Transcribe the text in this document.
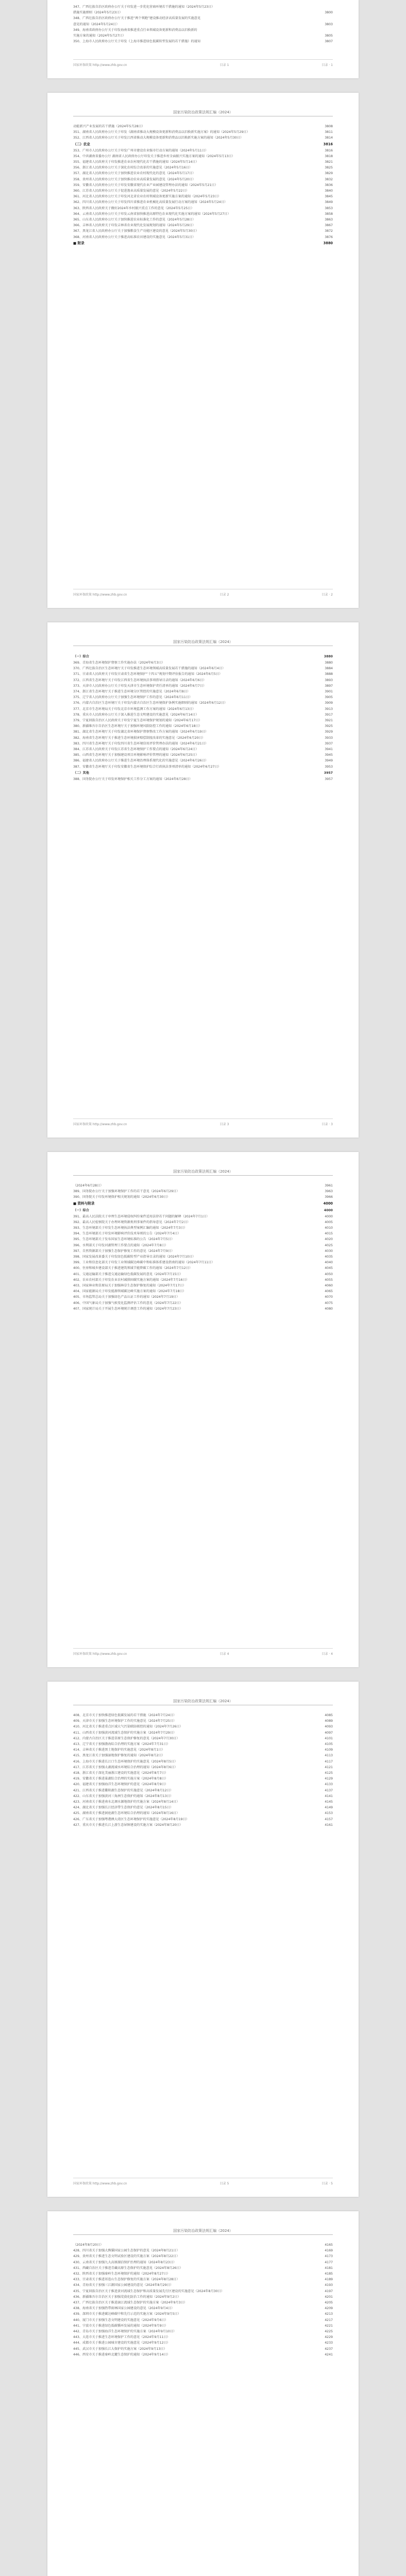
347、广西壮族自治区政府办公厅关于印发进一步优化营商环境若干措施的通知（2024年5月23日）
措施实施细则（2024年5月23日）	3800
348、广西壮族自治区政府办公厅关于推进“两个领跑”建设推动经济高质量发展的实施意见
意见的通知（2024年5月24日）	3803
349、海南省政府办公厅关于印发海南省推进重点行业领域设备更新和消费品以旧换新的
实施方案的通知（2024年5月27日）	3805
350、上海市人民政府办公厅关于印发《上海市推进绿色低碳转型发展的若干措施》的通知	3807
国家环保政策 http://www.zhb.gov.cn	目录 1	目录 · 1
国家污染防治政策法规汇编（2024）
动能新兴产业发展的若干措施（2024年5月28日）	3808
351、湖南省人民政府办公厅关于印发《湖南省推动大规模设备更新和消费品以旧换新实施方案》的通知（2024年5月29日）	3811
352、江西省人民政府办公厅关于印发江西省推动大规模设备更新和消费品以旧换新实施方案的通知（2024年5月30日）	3814
（二）农业	3816
353、广州市人民政府办公厅关于印发广州市建设农业强市行动方案的通知（2024年5月11日）	3816
354、中共湖南省委办公厅 湖南省人民政府办公厅印发关于推进乡村全面振兴实施方案的通知（2024年5月13日）	3818
355、福建省人民政府关于印发推进农业农村现代化若干措施的通知（2024年5月14日）	3821
356、浙江省人民政府办公厅关于深化农村综合改革的实施意见（2024年5月16日）	3825
357、湖北省人民政府办公厅关于加快推进农业农村现代化的意见（2024年5月17日）	3829
358、贵州省人民政府办公厅关于加快推动农业高质量发展的意见（2024年5月20日）	3832
359、安徽省人民政府办公厅关于印发安徽省现代农业产业园建设管理办法的通知（2024年5月21日）	3836
360、江苏省人民政府办公厅关于促进渔业高质量发展的意见（2024年5月22日）	3840
361、河北省人民政府办公厅关于印发河北省农业农村领域设备更新实施方案的通知（2024年5月23日）	3845
362、四川省人民政府办公厅关于印发四川省推进农业机械化高质量发展行动方案的通知（2024年5月24日）	3849
363、陕西省人民政府关于做好2024年乡村振兴重点工作的意见（2024年5月25日）	3853
364、云南省人民政府办公厅关于印发云南省加快推进高原特色农业现代化实施方案的通知（2024年5月27日）	3858
365、山东省人民政府办公厅关于加快推进农业标准化工作的意见（2024年5月28日）	3863
366、吉林省人民政府关于印发吉林省农业现代化发展规划的通知（2024年5月29日）	3867
367、黑龙江省人民政府办公厅关于加强粮食生产功能区建设的意见（2024年5月30日）	3872
368、河南省人民政府办公厅关于推进高标准农田建设的实施意见（2024年5月31日）	3876
■ 附录	3880
国家环保政策 http://www.zhb.gov.cn	目录 2	目录 · 2
国家污染防治政策法规汇编（2024）
（一）综合	3880
369、青海省生态环境保护督察工作实施办法（2024年6月3日）	3880
370、广西壮族自治区生态环境厅关于印发推进生态环境领域高质量发展若干措施的通知（2024年6月4日）	3884
371、甘肃省人民政府关于印发甘肃省生态环境保护“十四五”规划中期评估报告的通知（2024年6月5日）	3888
372、江西省生态环境厅关于印发江西省生态环境执法事项指导目录的通知（2024年6月6日）	3893
373、天津市人民政府办公厅关于印发天津市生态环境保护责任清单的通知（2024年6月7日）	3897
374、浙江省生态环境厅关于推进生态环境分区管控的实施意见（2024年6月8日）	3901
375、辽宁省人民政府办公厅关于加强生态环境保护工作的意见（2024年6月11日）	3905
376、内蒙古自治区生态环境厅关于印发内蒙古自治区生态环境保护条例实施细则的通知（2024年6月12日）	3909
377、北京市生态环境局关于印发北京市环境监测工作方案的通知（2024年6月13日）	3913
378、重庆市人民政府办公厅关于深入推进生态文明建设的实施意见（2024年6月14日）	3917
379、宁夏回族自治区人民政府关于印发宁夏生态环境保护规划的通知（2024年6月17日）	3921
380、新疆维吾尔自治区生态环境厅关于加强环境风险防控工作的通知（2024年6月18日）	3925
381、湖北省生态环境厅关于印发湖北省环境保护督察整改工作方案的通知（2024年6月19日）	3929
382、海南省生态环境厅关于推进生态环境损害赔偿制度改革的实施意见（2024年6月20日）	3933
383、四川省生态环境厅关于印发四川省生态环境信用评价管理办法的通知（2024年6月21日）	3937
384、江苏省人民政府关于印发江苏省生态环境保护工作要点的通知（2024年6月24日）	3941
385、山西省生态环境厅关于加强建设项目环境影响评价管理的通知（2024年6月25日）	3945
386、福建省人民政府办公厅关于推进生态环境治理体系现代化的实施意见（2024年6月26日）	3949
387、安徽省生态环境厅关于印发安徽省生态环境保护综合行政执法事项清单的通知（2024年6月27日）	3953
（二）其他	3957
388、国务院办公厅关于印发环境保护相关工作分工方案的通知（2024年6月28日）	3957
国家环保政策 http://www.zhb.gov.cn	目录 3	目录 · 3
国家污染防治政策法规汇编（2024）
（2024年6月28日）	3961
389、国务院办公厅关于加强环境保护工作的若干意见（2024年6月29日）	3963
390、国务院关于印发环境保护相关规划的通知（2024年6月30日）	3966
■ 资料与附录	4000
（一）综合	4000
391、最高人民法院关于审理生态环境侵权纠纷案件适用法律若干问题的解释（2024年7月1日）	4000
392、最高人民检察院关于办理环境资源类刑事案件的指导意见（2024年7月2日）	4005
393、生态环境部关于印发生态环境执法典型案例汇编的通知（2024年7月3日）	4010
394、生态环境部关于印发环境影响评价技术导则的公告（2024年7月4日）	4015
395、生态环境部关于发布国家生态环境标准的公告（2024年7月5日）	4020
396、水利部关于印发河湖管理工作要点的通知（2024年7月8日）	4025
397、自然资源部关于加强生态保护修复工作的意见（2024年7月9日）	4030
398、国家发展改革委关于印发绿色低碳转型产业指导目录的通知（2024年7月10日）	4035
399、工业和信息化部关于印发工业领域碳达峰碳中和标准体系建设指南的通知（2024年7月11日）	4040
400、住房和城乡建设部关于推进建筑领域节能降碳工作的通知（2024年7月12日）	4045
401、交通运输部关于推进交通运输绿色低碳发展的意见（2024年7月15日）	4050
402、农业农村部关于印发农业农村减排固碳实施方案的通知（2024年7月16日）	4055
403、国家林业和草原局关于加强林草生态保护修复的通知（2024年7月17日）	4060
404、国家能源局关于印发能源领域碳达峰实施方案的通知（2024年7月18日）	4065
405、市场监管总局关于加强绿色产品认证工作的通知（2024年7月19日）	4070
406、中国气象局关于加强气候变化监测评估工作的意见（2024年7月22日）	4075
407、国家统计局关于开展生态环境统计调查工作的通知（2024年7月23日）	4080
国家环保政策 http://www.zhb.gov.cn	目录 4	目录 · 4
国家污染防治政策法规汇编（2024）
408、北京市关于加快推进绿色低碳发展的若干措施（2024年7月24日）	4085
409、天津市关于加强生态环境保护工作的实施意见（2024年7月25日）	4089
410、河北省关于推进重点区域大气污染联防联控的通知（2024年7月26日）	4093
411、山西省关于加强黄河流域生态保护的实施方案（2024年7月29日）	4097
412、内蒙古自治区关于推进草原生态保护修复的意见（2024年7月30日）	4101
413、辽宁省关于加强渤海综合治理的实施方案（2024年7月31日）	4105
414、吉林省关于推进黑土地保护的实施意见（2024年8月1日）	4109
415、黑龙江省关于加强湿地保护修复的通知（2024年8月2日）	4113
416、上海市关于推进长江口生态环境保护的实施意见（2024年8月5日）	4117
417、江苏省关于加强太湖流域水环境综合治理的通知（2024年8月6日）	4121
418、浙江省关于深化美丽浙江建设的实施意见（2024年8月7日）	4125
419、安徽省关于推进巢湖综合治理的实施方案（2024年8月8日）	4129
420、福建省关于加强海洋生态环境保护的意见（2024年8月9日）	4133
421、江西省关于推进鄱阳湖生态保护的实施意见（2024年8月12日）	4137
422、山东省关于加强黄河三角洲生态保护的通知（2024年8月13日）	4141
423、河南省关于推进南水北调水源地保护的实施方案（2024年8月14日）	4145
424、湖北省关于加强长江经济带生态保护的意见（2024年8月15日）	4149
425、湖南省关于推进洞庭湖生态环境综合治理的通知（2024年8月16日）	4153
426、广东省关于加强粤港澳大湾区生态环境保护的实施意见（2024年8月19日）	4157
427、重庆市关于推进长江上游生态屏障建设的实施方案（2024年8月20日）	4161
国家环保政策 http://www.zhb.gov.cn	目录 5	目录 · 5
国家污染防治政策法规汇编（2024）
（2024年8月20日）	4165
428、四川省关于加强大熊猫国家公园生态保护的意见（2024年8月21日）	4169
429、贵州省关于推进生态文明试验区建设的实施方案（2024年8月22日）	4173
430、云南省关于加强九大高原湖泊保护治理的通知（2024年8月23日）	4177
431、西藏自治区关于推进青藏高原生态保护的实施意见（2024年8月26日）	4181
432、陕西省关于加强秦岭生态环境保护的通知（2024年8月27日）	4185
433、甘肃省关于推进祁连山生态保护修复的实施方案（2024年8月28日）	4189
434、青海省关于加强三江源国家公园建设的意见（2024年8月29日）	4193
435、宁夏回族自治区关于推进黄河流域生态保护和高质量发展先行区建设的实施意见（2024年8月30日）	4197
436、新疆维吾尔自治区关于加强荒漠化防治工作的通知（2024年9月2日）	4201
437、广西壮族自治区关于推进漓江流域生态保护的实施方案（2024年9月3日）	4205
438、海南省关于加强热带雨林国家公园建设的意见（2024年9月4日）	4209
439、深圳市关于推进碳达峰碳中和先行示范的实施方案（2024年9月5日）	4213
440、厦门市关于加强生态文明建设的实施意见（2024年9月6日）	4217
441、宁波市关于推进绿色低碳循环发展的通知（2024年9月9日）	4221
442、青岛市关于加强海洋生态环境保护的实施方案（2024年9月10日）	4225
443、大连市关于推进生态环境保护工作的意见（2024年9月11日）	4229
444、成都市关于推进公园城市建设的实施意见（2024年9月12日）	4233
445、武汉市关于加强长江大保护的实施方案（2024年9月13日）	4237
446、西安市关于推进秦岭北麓生态保护的通知（2024年9月14日）	4241
